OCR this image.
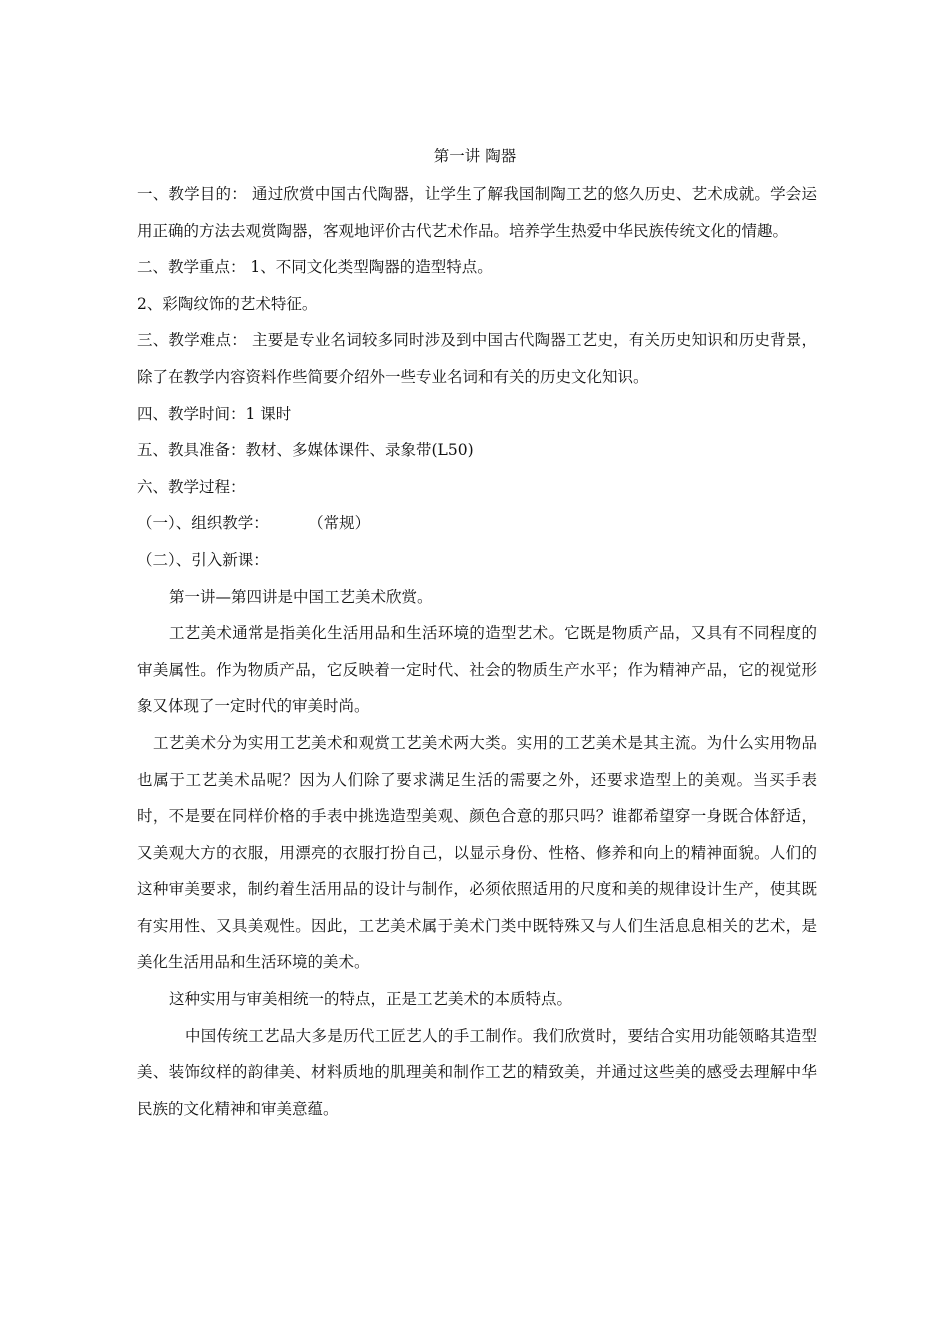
第一讲 陶器

一、教学目的： 通过欣赏中国古代陶器，让学生了解我国制陶工艺的悠久历史、艺术成就。学会运用正确的方法去观赏陶器，客观地评价古代艺术作品。培养学生热爱中华民族传统文化的情趣。

二、教学重点： 1、不同文化类型陶器的造型特点。

2、彩陶纹饰的艺术特征。

三、教学难点： 主要是专业名词较多同时涉及到中国古代陶器工艺史，有关历史知识和历史背景，除了在教学内容资料作些简要介绍外一些专业名词和有关的历史文化知识。

四、教学时间：1 课时

五、教具准备：教材、多媒体课件、录象带(L50)

六、教学过程：

（一）、组织教学：        （常规）

（二）、引入新课：

第一讲—第四讲是中国工艺美术欣赏。

工艺美术通常是指美化生活用品和生活环境的造型艺术。它既是物质产品，又具有不同程度的审美属性。作为物质产品，它反映着一定时代、社会的物质生产水平；作为精神产品，它的视觉形象又体现了一定时代的审美时尚。

工艺美术分为实用工艺美术和观赏工艺美术两大类。实用的工艺美术是其主流。为什么实用物品也属于工艺美术品呢？因为人们除了要求满足生活的需要之外，还要求造型上的美观。当买手表时，不是要在同样价格的手表中挑选造型美观、颜色合意的那只吗？谁都希望穿一身既合体舒适，又美观大方的衣服，用漂亮的衣服打扮自己，以显示身份、性格、修养和向上的精神面貌。人们的这种审美要求，制约着生活用品的设计与制作，必须依照适用的尺度和美的规律设计生产，使其既有实用性、又具美观性。因此，工艺美术属于美术门类中既特殊又与人们生活息息相关的艺术，是美化生活用品和生活环境的美术。

这种实用与审美相统一的特点，正是工艺美术的本质特点。

中国传统工艺品大多是历代工匠艺人的手工制作。我们欣赏时，要结合实用功能领略其造型美、装饰纹样的韵律美、材料质地的肌理美和制作工艺的精致美，并通过这些美的感受去理解中华民族的文化精神和审美意蕴。
